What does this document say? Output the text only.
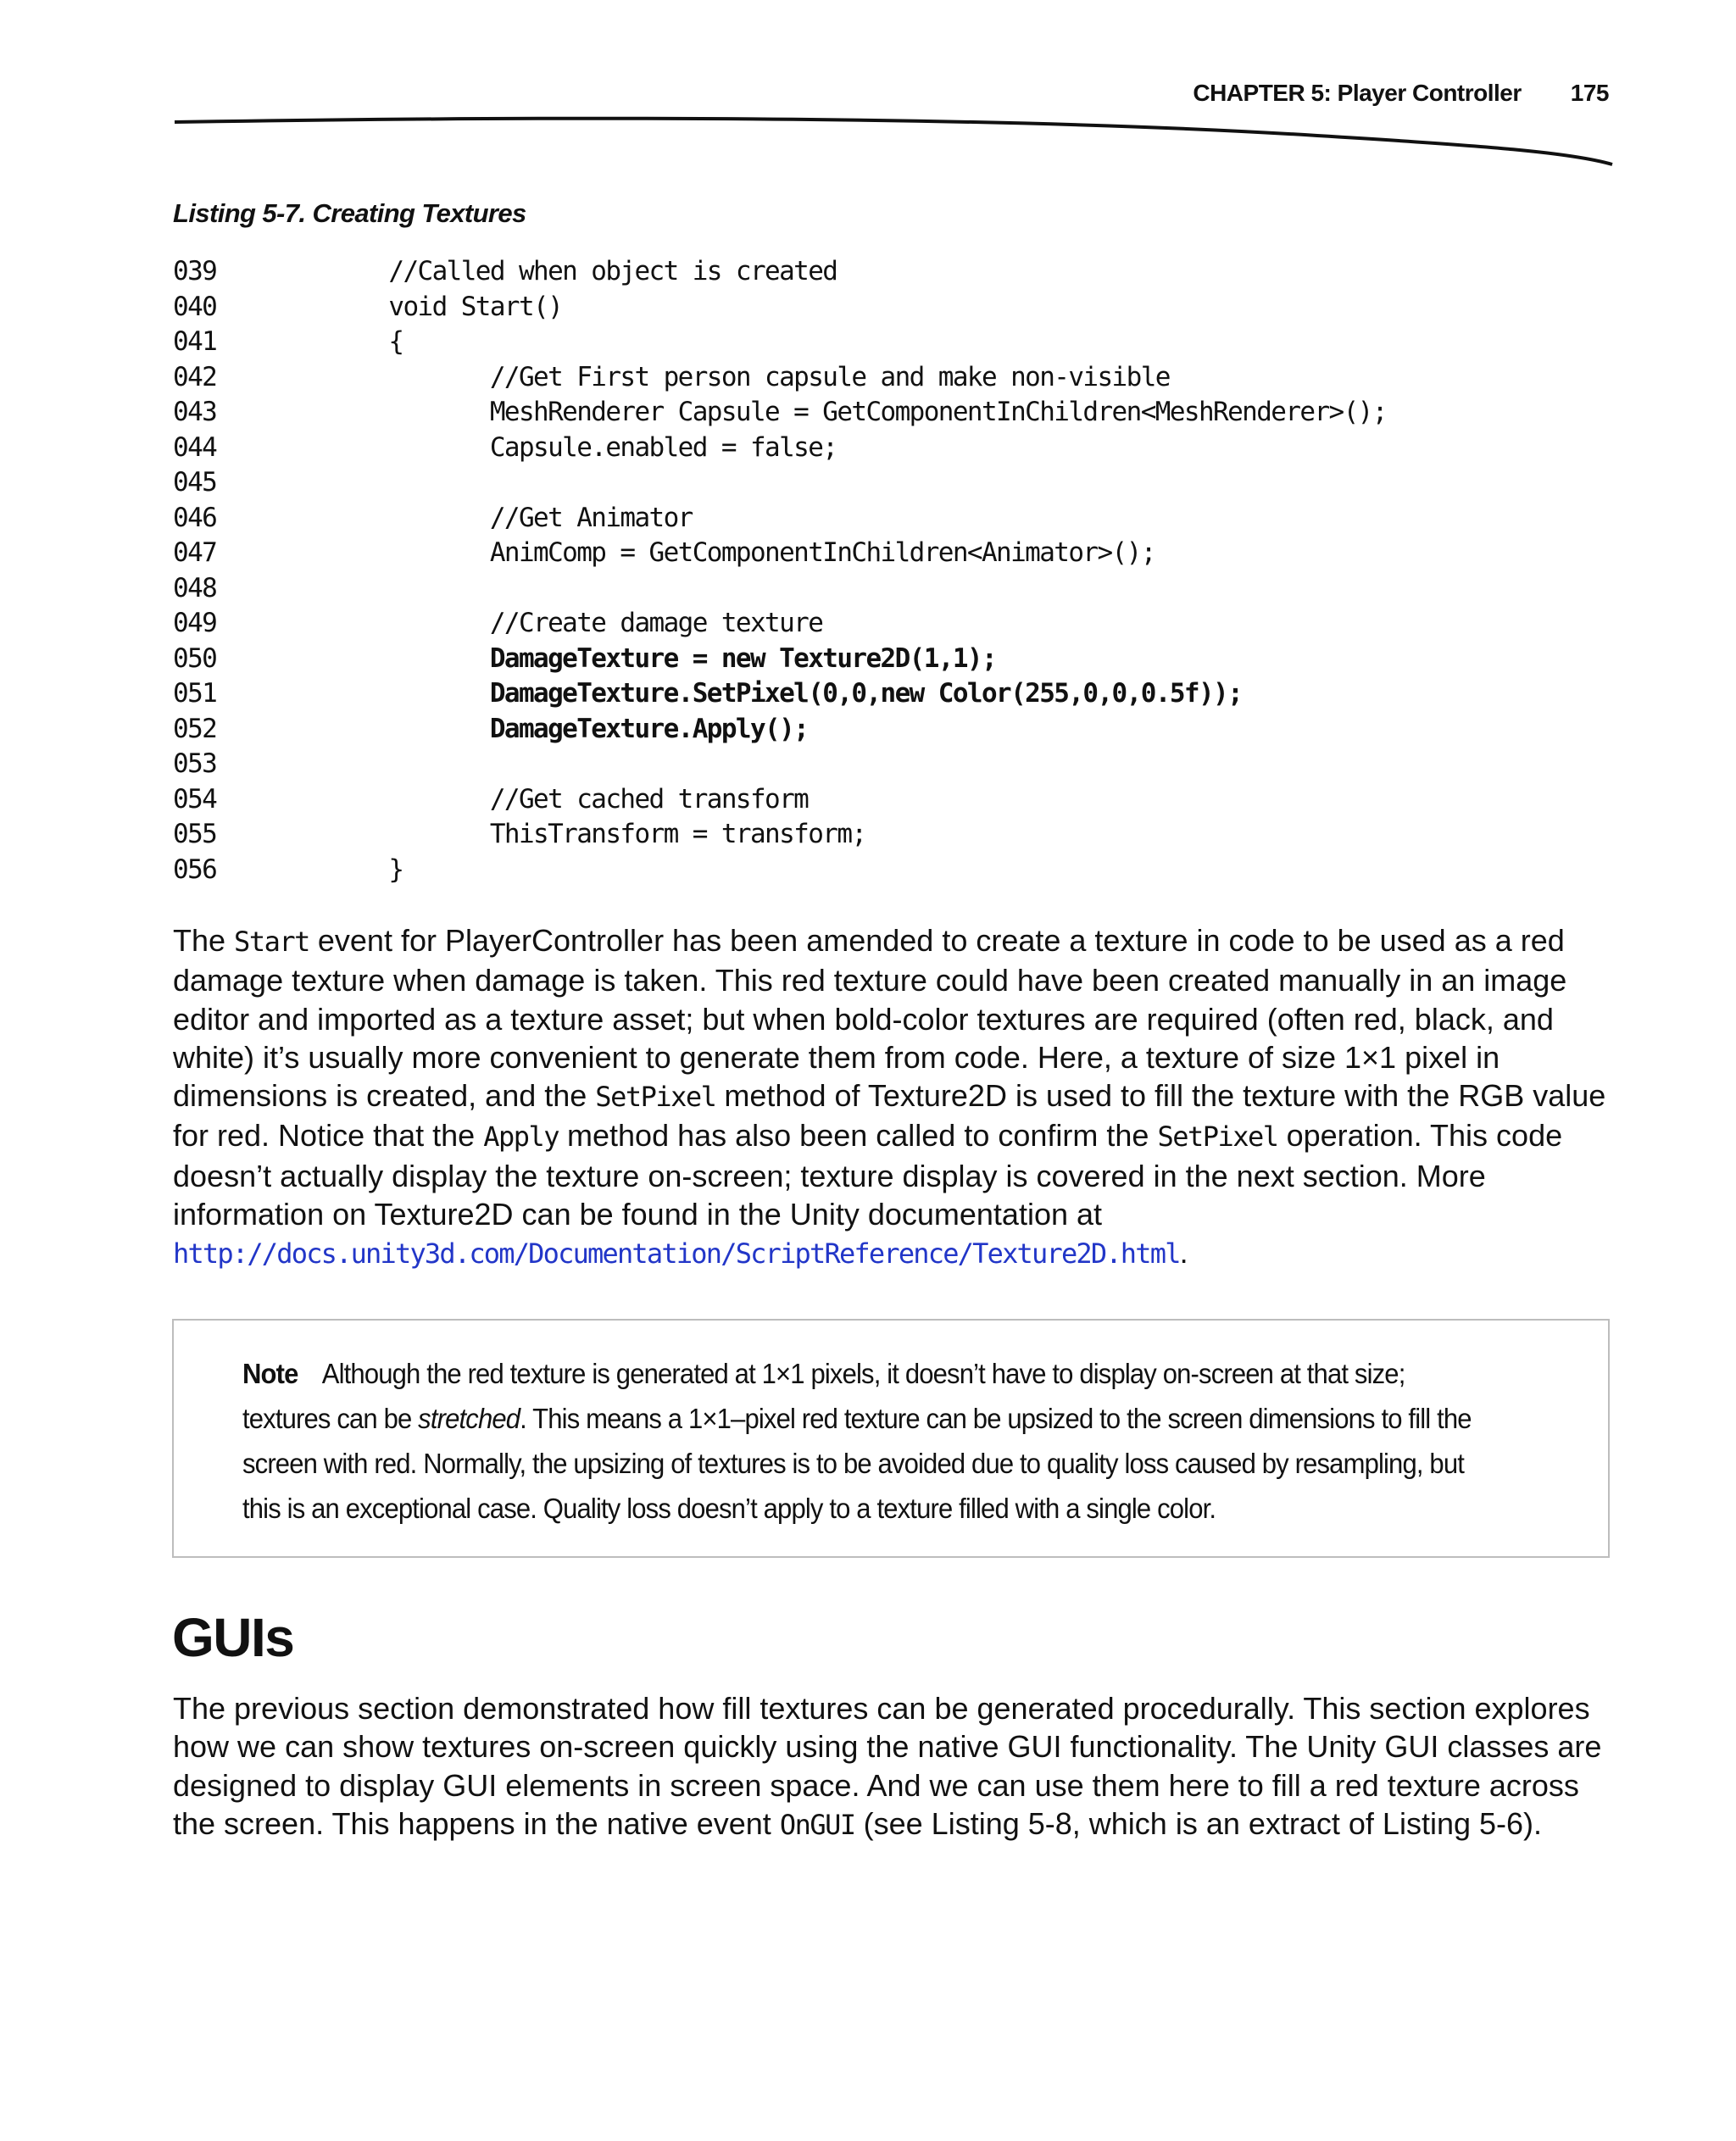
CHAPTER 5: Player Controller 175
Listing 5-7. Creating Textures
039	//Called when object is created
040	void Start()
041	{
042	//Get First person capsule and make non-visible
043	MeshRenderer Capsule = GetComponentInChildren<MeshRenderer>();
044	Capsule.enabled = false;
045
046	//Get Animator
047	AnimComp = GetComponentInChildren<Animator>();
048
049	//Create damage texture
050	DamageTexture = new Texture2D(1,1);
051	DamageTexture.SetPixel(0,0,new Color(255,0,0,0.5f));
052	DamageTexture.Apply();
053
054	//Get cached transform
055	ThisTransform = transform;
056	}
The Start event for PlayerController has been amended to create a texture in code to be used as a red damage texture when damage is taken. This red texture could have been created manually in an image editor and imported as a texture asset; but when bold-color textures are required (often red, black, and white) it’s usually more convenient to generate them from code. Here, a texture of size 1×1 pixel in dimensions is created, and the SetPixel method of Texture2D is used to fill the texture with the RGB value for red. Notice that the Apply method has also been called to confirm the SetPixel operation. This code doesn’t actually display the texture on-screen; texture display is covered in the next section. More information on Texture2D can be found in the Unity documentation at http://docs.unity3d.com/Documentation/ScriptReference/Texture2D.html.
Note Although the red texture is generated at 1×1 pixels, it doesn’t have to display on-screen at that size; textures can be stretched. This means a 1×1–pixel red texture can be upsized to the screen dimensions to fill the screen with red. Normally, the upsizing of textures is to be avoided due to quality loss caused by resampling, but this is an exceptional case. Quality loss doesn’t apply to a texture filled with a single color.
GUIs
The previous section demonstrated how fill textures can be generated procedurally. This section explores how we can show textures on-screen quickly using the native GUI functionality. The Unity GUI classes are designed to display GUI elements in screen space. And we can use them here to fill a red texture across the screen. This happens in the native event OnGUI (see Listing 5-8, which is an extract of Listing 5-6).
